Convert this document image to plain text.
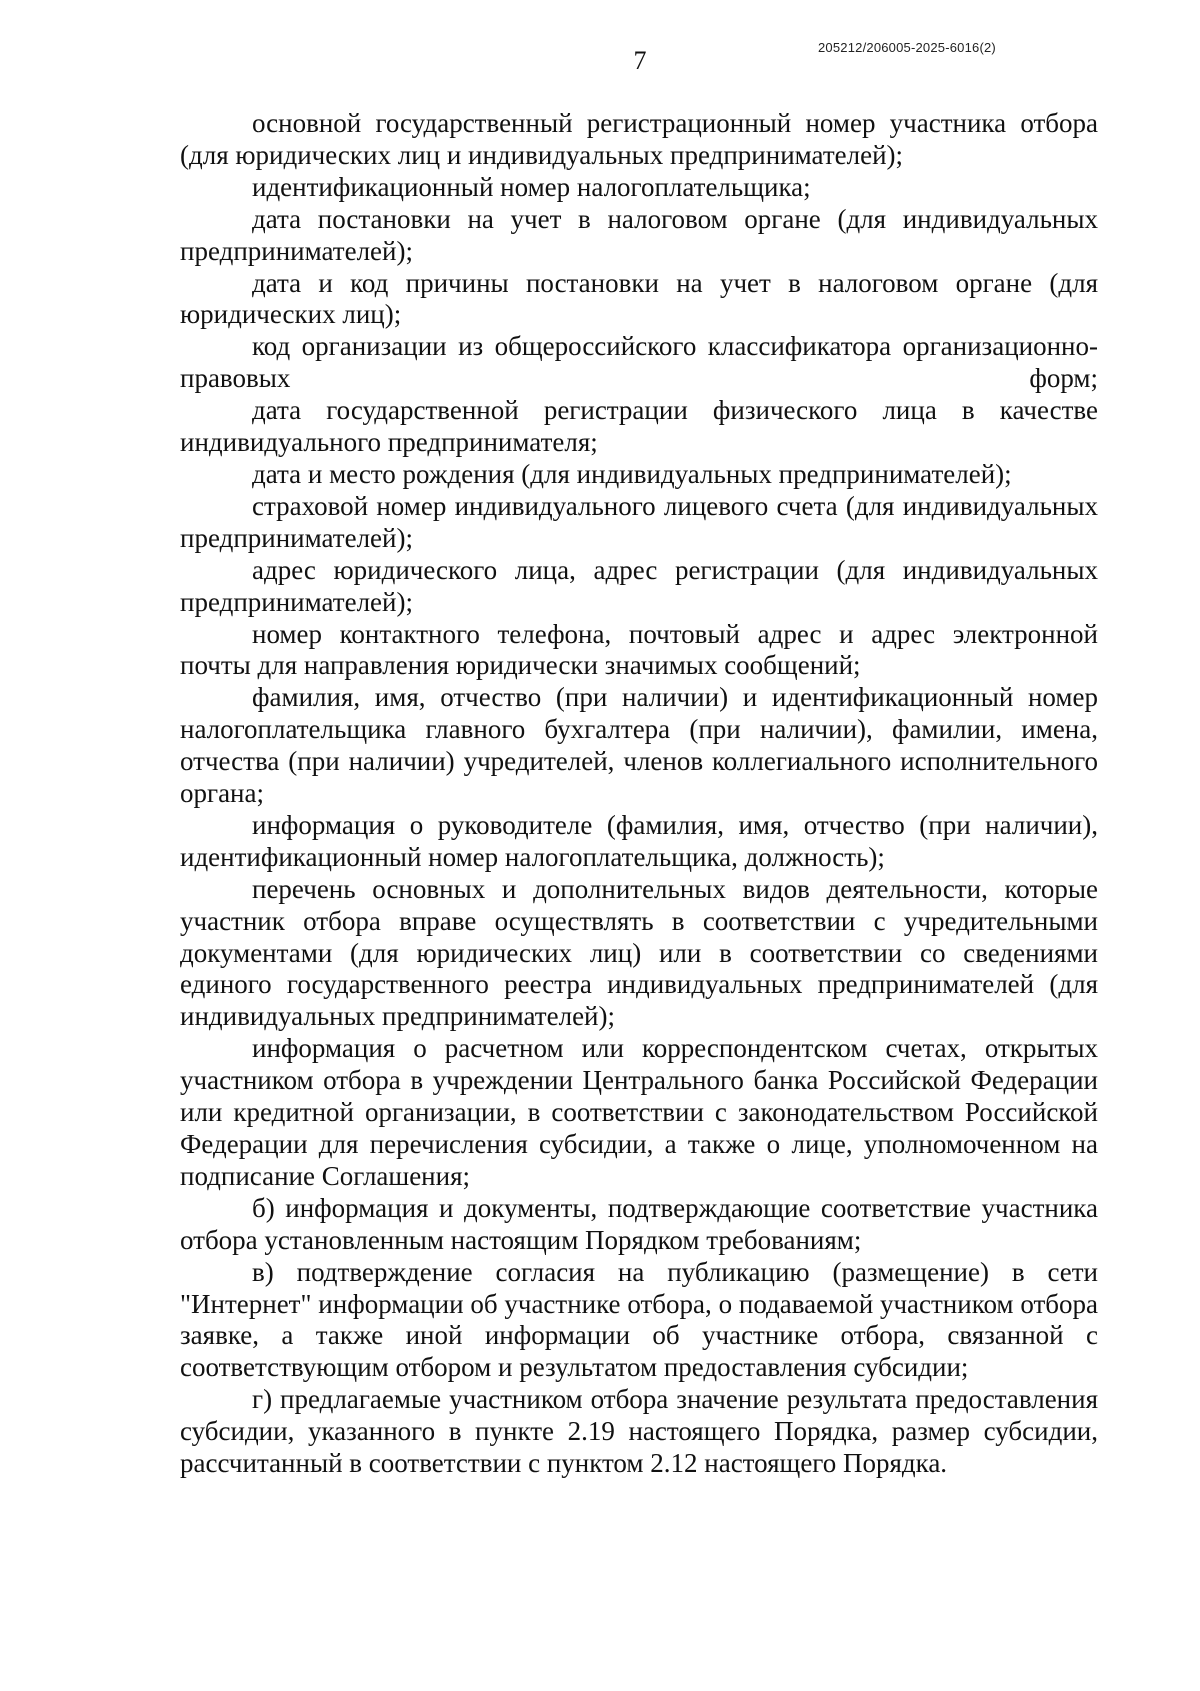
7	205212/206005-2025-6016(2)

основной государственный регистрационный номер участника отбора (для юридических лиц и индивидуальных предпринимателей);

идентификационный номер налогоплательщика;

дата постановки на учет в налоговом органе (для индивидуальных предпринимателей);

дата и код причины постановки на учет в налоговом органе (для юридических лиц);

код организации из общероссийского классификатора организационно-правовых форм;

дата государственной регистрации физического лица в качестве индивидуального предпринимателя;

дата и место рождения (для индивидуальных предпринимателей);

страховой номер индивидуального лицевого счета (для индивидуальных предпринимателей);

адрес юридического лица, адрес регистрации (для индивидуальных предпринимателей);

номер контактного телефона, почтовый адрес и адрес электронной почты для направления юридически значимых сообщений;

фамилия, имя, отчество (при наличии) и идентификационный номер налогоплательщика главного бухгалтера (при наличии), фамилии, имена, отчества (при наличии) учредителей, членов коллегиального исполнительного органа;

информация о руководителе (фамилия, имя, отчество (при наличии), идентификационный номер налогоплательщика, должность);

перечень основных и дополнительных видов деятельности, которые участник отбора вправе осуществлять в соответствии с учредительными документами (для юридических лиц) или в соответствии со сведениями единого государственного реестра индивидуальных предпринимателей (для индивидуальных предпринимателей);

информация о расчетном или корреспондентском счетах, открытых участником отбора в учреждении Центрального банка Российской Федерации или кредитной организации, в соответствии с законодательством Российской Федерации для перечисления субсидии, а также о лице, уполномоченном на подписание Соглашения;

б) информация и документы, подтверждающие соответствие участника отбора установленным настоящим Порядком требованиям;

в) подтверждение согласия на публикацию (размещение) в сети "Интернет" информации об участнике отбора, о подаваемой участником отбора заявке, а также иной информации об участнике отбора, связанной с соответствующим отбором и результатом предоставления субсидии;

г) предлагаемые участником отбора значение результата предоставления субсидии, указанного в пункте 2.19 настоящего Порядка, размер субсидии, рассчитанный в соответствии с пунктом 2.12 настоящего Порядка.
